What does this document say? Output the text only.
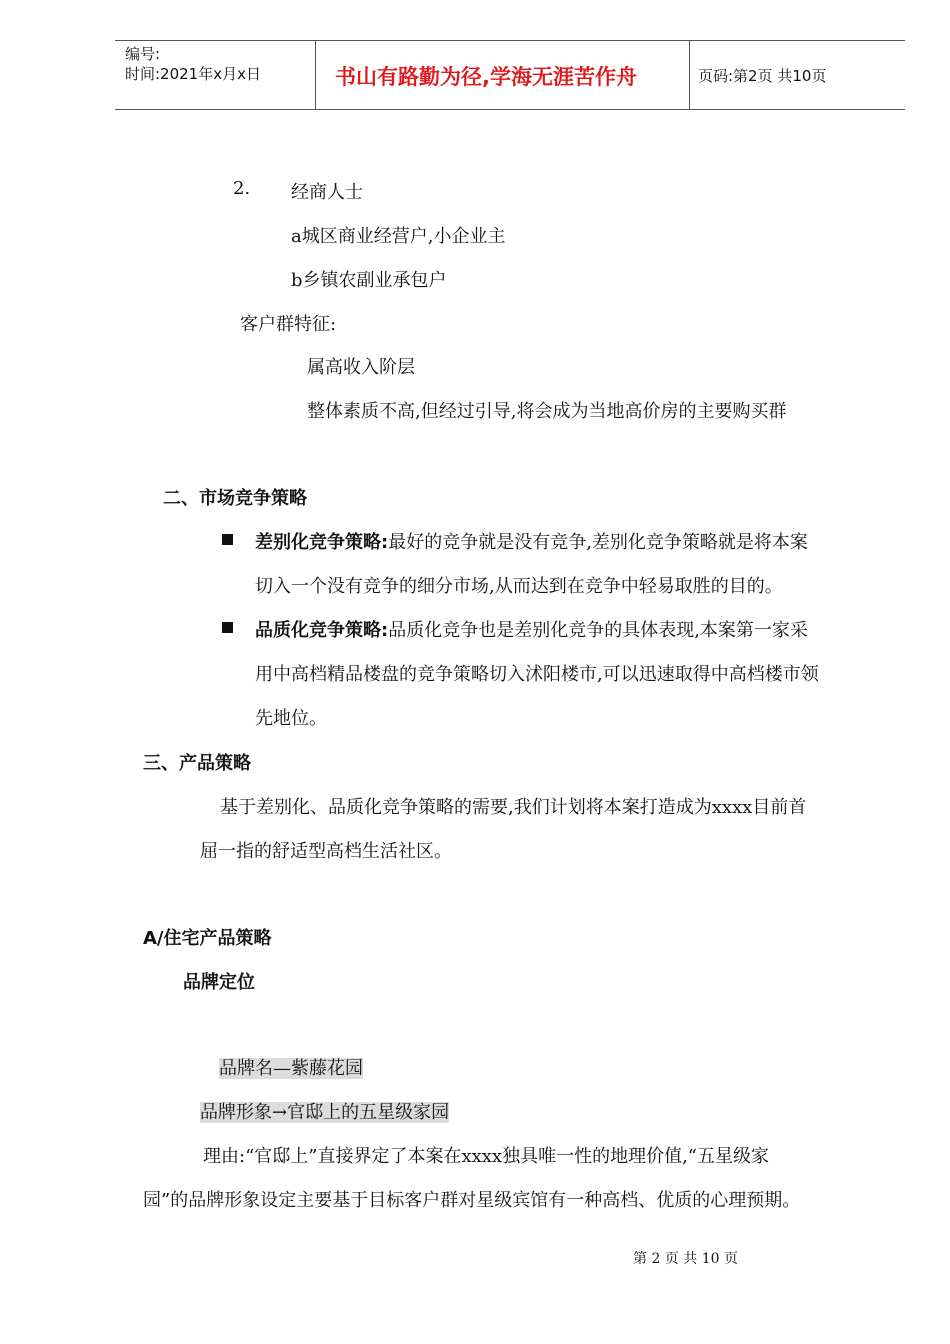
编号:
时间:2021年x月x日	书山有路勤为径,学海无涯苦作舟	页码:第2页 共10页
2. 经商人士
a城区商业经营户,小企业主
b乡镇农副业承包户
客户群特征:
属高收入阶层
整体素质不高,但经过引导,将会成为当地高价房的主要购买群
二、市场竞争策略
差别化竞争策略:最好的竞争就是没有竞争,差别化竞争策略就是将本案
切入一个没有竞争的细分市场,从而达到在竞争中轻易取胜的目的。
品质化竞争策略:品质化竞争也是差别化竞争的具体表现,本案第一家采
用中高档精品楼盘的竞争策略切入沭阳楼市,可以迅速取得中高档楼市领
先地位。
三、产品策略
基于差别化、品质化竞争策略的需要,我们计划将本案打造成为xxxx目前首
屈一指的舒适型高档生活社区。
A/住宅产品策略
品牌定位
品牌名—紫藤花园
品牌形象→官邸上的五星级家园
理由:“官邸上”直接界定了本案在xxxx独具唯一性的地理价值,“五星级家
园”的品牌形象设定主要基于目标客户群对星级宾馆有一种高档、优质的心理预期。
第 2 页 共 10 页
